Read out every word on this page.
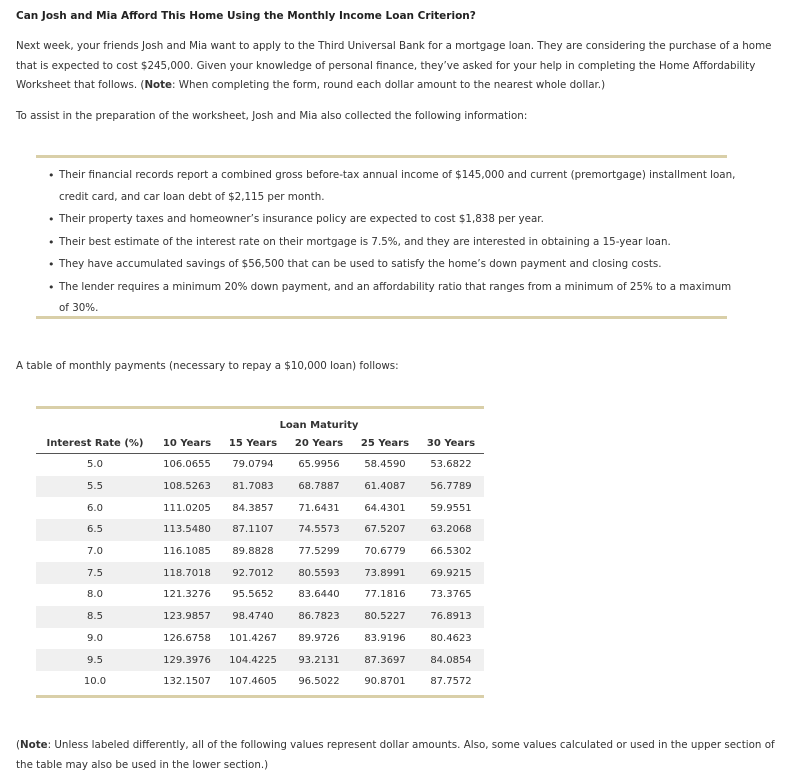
Can Josh and Mia Afford This Home Using the Monthly Income Loan Criterion?
Next week, your friends Josh and Mia want to apply to the Third Universal Bank for a mortgage loan. They are considering the purchase of a home that is expected to cost $245,000. Given your knowledge of personal finance, they’ve asked for your help in completing the Home Affordability Worksheet that follows. (Note: When completing the form, round each dollar amount to the nearest whole dollar.)
To assist in the preparation of the worksheet, Josh and Mia also collected the following information:
• Their financial records report a combined gross before-tax annual income of $145,000 and current (premortgage) installment loan, credit card, and car loan debt of $2,115 per month.
• Their property taxes and homeowner’s insurance policy are expected to cost $1,838 per year.
• Their best estimate of the interest rate on their mortgage is 7.5%, and they are interested in obtaining a 15-year loan.
• They have accumulated savings of $56,500 that can be used to satisfy the home’s down payment and closing costs.
• The lender requires a minimum 20% down payment, and an affordability ratio that ranges from a minimum of 25% to a maximum of 30%.
A table of monthly payments (necessary to repay a $10,000 loan) follows:
	Loan Maturity				
Interest Rate (%)	10 Years	15 Years	20 Years	25 Years	30 Years
5.0	106.0655	79.0794	65.9956	58.4590	53.6822
5.5	108.5263	81.7083	68.7887	61.4087	56.7789
6.0	111.0205	84.3857	71.6431	64.4301	59.9551
6.5	113.5480	87.1107	74.5573	67.5207	63.2068
7.0	116.1085	89.8828	77.5299	70.6779	66.5302
7.5	118.7018	92.7012	80.5593	73.8991	69.9215
8.0	121.3276	95.5652	83.6440	77.1816	73.3765
8.5	123.9857	98.4740	86.7823	80.5227	76.8913
9.0	126.6758	101.4267	89.9726	83.9196	80.4623
9.5	129.3976	104.4225	93.2131	87.3697	84.0854
10.0	132.1507	107.4605	96.5022	90.8701	87.7572
(Note: Unless labeled differently, all of the following values represent dollar amounts. Also, some values calculated or used in the upper section of the table may also be used in the lower section.)
